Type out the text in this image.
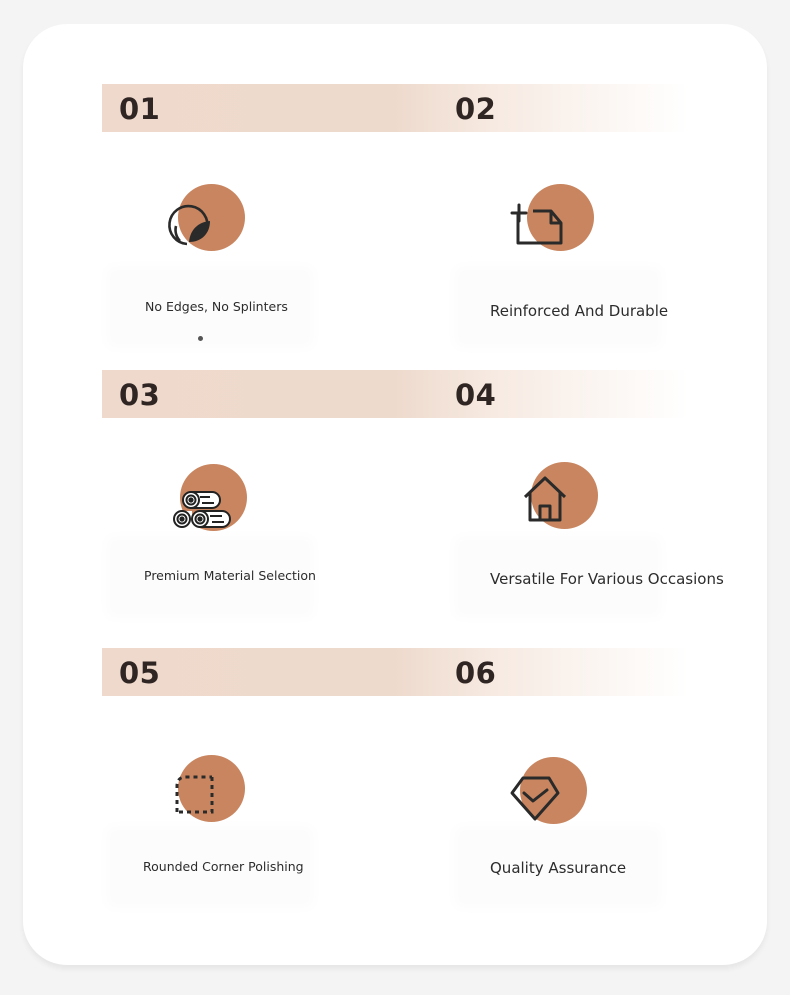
01	02
03	04
05	06
No Edges, No Splinters	Reinforced And Durable
Premium Material Selection	Versatile For Various Occasions
Rounded Corner Polishing	Quality Assurance
